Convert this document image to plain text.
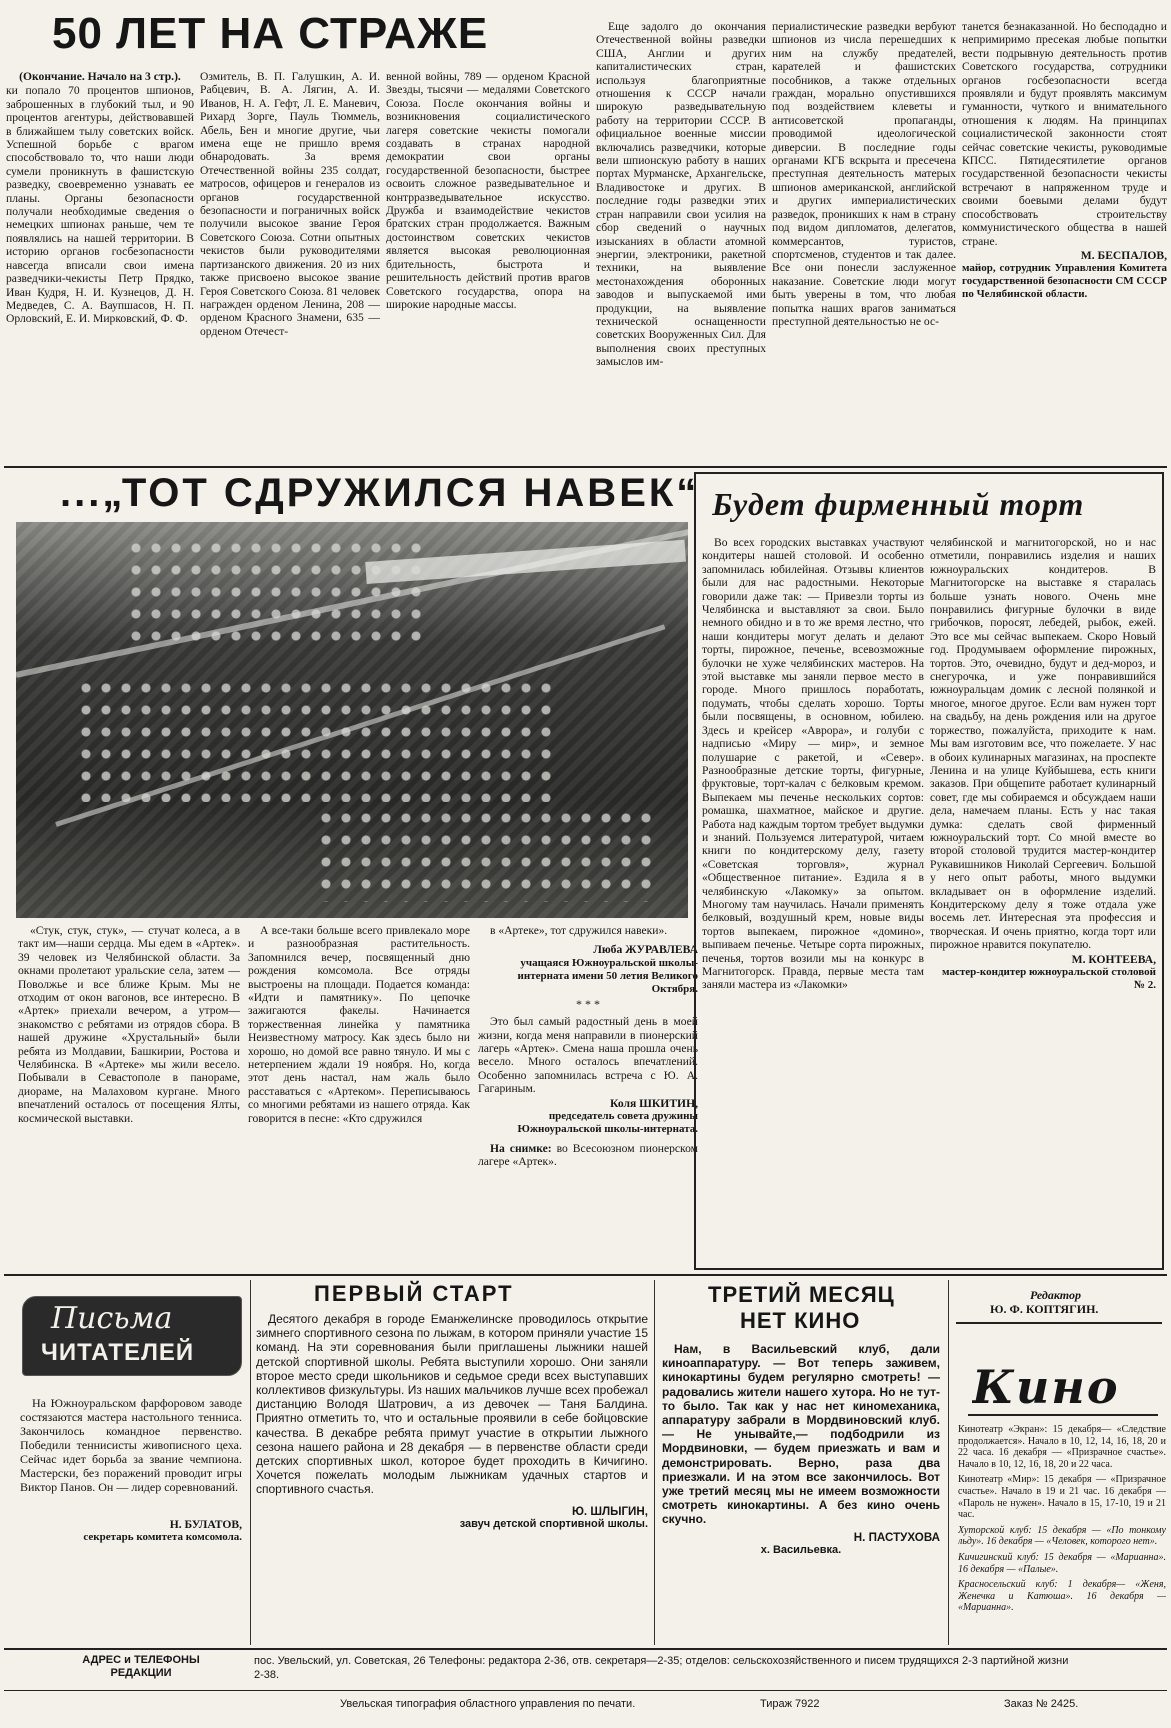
50 ЛЕТ НА СТРАЖЕ

(Окончание. Начало на 3 стр.).

ки попало 70 процентов шпионов, заброшенных в глубокий тыл, и 90 процентов агентуры, действовавшей в ближайшем тылу советских войск. Успешной борьбе с врагом способствовало то, что наши люди сумели проникнуть в фашистскую разведку, своевременно узнавать ее планы. Органы безопасности получали необходимые сведения о немецких шпионах раньше, чем те появлялись на нашей территории. В историю органов госбезопасности навсегда вписали свои имена разведчики-чекисты Петр Прядко, Иван Кудря, Н. И. Кузнецов, Д. Н. Медведев, С. А. Ваупшасов, Н. П. Орловский, Е. И. Мирковский, Ф. Ф.

Озмитель, В. П. Галушкин, А. И. Рабцевич, В. А. Лягин, А. И. Иванов, Н. А. Гефт, Л. Е. Маневич, Рихард Зорге, Пауль Тюммель, Абель, Бен и многие другие, чьи имена еще не пришло время обнародовать. За время Отечественной войны 235 солдат, матросов, офицеров и генералов из органов государственной безопасности и пограничных войск получили высокое звание Героя Советского Союза. Сотни опытных чекистов были руководителями партизанского движения. 20 из них также присвоено высокое звание Героя Советского Союза. 81 человек награжден орденом Ленина, 208 — орденом Красного Знамени, 635 — орденом Отечест-

венной войны, 789 — орденом Красной Звезды, тысячи — медалями Советского Союза. После окончания войны и возникновения социалистического лагеря советские чекисты помогали создавать в странах народной демократии свои органы государственной безопасности, быстрее освоить сложное разведывательное и контрразведывательное искусство. Дружба и взаимодействие чекистов братских стран продолжается. Важным достоинством советских чекистов является высокая революционная бдительность, быстрота и решительность действий против врагов Советского государства, опора на широкие народные массы.

Еще задолго до окончания Отечественной войны разведки США, Англии и других капиталистических стран, используя благоприятные отношения к СССР начали широкую разведывательную работу на территории СССР. В официальное военные миссии включались разведчики, которые вели шпионскую работу в наших портах Мурманске, Архангельске, Владивостоке и других. В последние годы разведки этих стран направили свои усилия на сбор сведений о научных изысканиях в области атомной энергии, электроники, ракетной техники, на выявление местонахождения оборонных заводов и выпускаемой ими продукции, на выявление технической оснащенности советских Вооруженных Сил. Для выполнения своих преступных замыслов им-

периалистические разведки вербуют шпионов из числа перешедших к ним на службу предателей, карателей и фашистских пособников, а также отдельных граждан, морально опустившихся под воздействием клеветы и антисоветской пропаганды, проводимой идеологической диверсии. В последние годы органами КГБ вскрыта и пресечена преступная деятельность матерых шпионов американской, английской и других империалистических разведок, проникших к нам в страну под видом дипломатов, делегатов, коммерсантов, туристов, спортсменов, студентов и так далее. Все они понесли заслуженное наказание. Советские люди могут быть уверены в том, что любая попытка наших врагов заниматься преступной деятельностью не ос-

танется безнаказанной. Но бесподадно и непримиримо пресекая любые попытки вести подрывную деятельность против Советского государства, сотрудники органов госбезопасности всегда проявляли и будут проявлять максимум гуманности, чуткого и внимательного отношения к людям. На принципах социалистической законности стоят сейчас советские чекисты, руководимые КПСС. Пятидесятилетие органов государственной безопасности чекисты встречают в напряженном труде и своими боевыми делами будут способствовать строительству коммунистического общества в нашей стране.

М. БЕСПАЛОВ,
майор, сотрудник Управления Комитета государственной безопасности СМ СССР по Челябинской области.
...„ТОТ СДРУЖИЛСЯ НАВЕК“

«Стук, стук, стук», — стучат колеса, а в такт им—наши сердца. Мы едем в «Артек». 39 человек из Челябинской области. За окнами пролетают уральские села, затем — Поволжье и все ближе Крым. Мы не отходим от окон вагонов, все интересно. В «Артек» приехали вечером, а утром—знакомство с ребятами из отрядов сбора. В нашей дружине «Хрустальный» были ребята из Молдавии, Башкирии, Ростова и Челябинска. В «Артеке» мы жили весело. Побывали в Севастополе в панораме, диораме, на Малаховом кургане. Много впечатлений осталось от посещения Ялты, космической выставки.

А все-таки больше всего привлекало море и разнообразная растительность. Запомнился вечер, посвященный дню рождения комсомола. Все отряды выстроены на площади. Подается команда: «Идти и памятнику». По цепочке зажигаются факелы. Начинается торжественная линейка у памятника Неизвестному матросу. Как здесь было ни хорошо, но домой все равно тянуло. И мы с нетерпением ждали 19 ноября. Но, когда этот день настал, нам жаль было расставаться с «Артеком». Переписываюсь со многими ребятами из нашего отряда. Как говорится в песне: «Кто сдружился

в «Артеке», тот сдружился навеки».

Люба ЖУРАВЛЕВА
учащаяся Южноуральской школы-интерната имени 50 летия Великого Октября.
* * *

Это был самый радостный день в моей жизни, когда меня направили в пионерский лагерь «Артек». Смена наша прошла очень весело. Много осталось впечатлений. Особенно запомнилась встреча с Ю. А. Гагариным.

Коля ШКИТИН,
председатель совета дружины Южноуральской школы-интерната.

На снимке: во Всесоюзном пионерском лагере «Артек».

Будет фирменный торт

Во всех городских выставках участвуют кондитеры нашей столовой. И особенно запомнилась юбилейная. Отзывы клиентов были для нас радостными. Некоторые говорили даже так: — Привезли торты из Челябинска и выставляют за свои. Было немного обидно и в то же время лестно, что наши кондитеры могут делать и делают торты, пирожное, печенье, всевозможные булочки не хуже челябинских мастеров. На этой выставке мы заняли первое место в городе. Много пришлось поработать, подумать, чтобы сделать хорошо. Торты были посвящены, в основном, юбилею. Здесь и крейсер «Аврора», и голуби с надписью «Миру — мир», и земное полушарие с ракетой, и «Север». Разнообразные детские торты, фигурные, фруктовые, торт-калач с белковым кремом. Выпекаем мы печенье нескольких сортов: ромашка, шахматное, майское и другие. Работа над каждым тортом требует выдумки и знаний. Пользуемся литературой, читаем книги по кондитерскому делу, газету «Советская торговля», журнал «Общественное питание». Ездила я в челябинскую «Лакомку» за опытом. Многому там научилась. Начали применять белковый, воздушный крем, новые виды тортов выпекаем, пирожное «домино», выпиваем печенье. Четыре сорта пирожных, печенья, тортов возили мы на конкурс в Магнитогорск. Правда, первые места там заняли мастера из «Лакомки»

челябинской и магнитогорской, но и нас отметили, понравились изделия и наших южноуральских кондитеров. В Магнитогорске на выставке я старалась больше узнать нового. Очень мне понравились фигурные булочки в виде грибочков, поросят, лебедей, рыбок, ежей. Это все мы сейчас выпекаем. Скоро Новый год. Продумываем оформление пирожных, тортов. Это, очевидно, будут и дед-мороз, и снегурочка, и уже понравившийся южноуральцам домик с лесной полянкой и многое, многое другое. Если вам нужен торт на свадьбу, на день рождения или на другое торжество, пожалуйста, приходите к нам. Мы вам изготовим все, что пожелаете. У нас в обоих кулинарных магазинах, на проспекте Ленина и на улице Куйбышева, есть книги заказов. При общепите работает кулинарный совет, где мы собираемся и обсуждаем наши дела, намечаем планы. Есть у нас такая думка: сделать свой фирменный южноуральский торт. Со мной вместе во второй столовой трудится мастер-кондитер Рукавишников Николай Сергеевич. Большой у него опыт работы, много выдумки вкладывает он в оформление изделий. Кондитерскому делу я тоже отдала уже восемь лет. Интересная эта профессия и творческая. И очень приятно, когда торт или пирожное нравится покупателю.

М. КОНТЕЕВА,
мастер-кондитер южноуральской столовой № 2.
Письма
ЧИТАТЕЛЕЙ

На Южноуральском фарфоровом заводе состязаются мастера настольного тенниса. Закончилось командное первенство. Победили теннисисты живописного цеха. Сейчас идет борьба за звание чемпиона. Мастерски, без поражений проводит игры Виктор Панов. Он — лидер соревнований.

Н. БУЛАТОВ,
секретарь комитета комсомола.
ПЕРВЫЙ СТАРТ

Десятого декабря в городе Еманжелинске проводилось открытие зимнего спортивного сезона по лыжам, в котором приняли участие 15 команд. На эти соревнования были приглашены лыжники нашей детской спортивной школы. Ребята выступили хорошо. Они заняли второе место среди школьников и седьмое среди всех выступавших коллективов физкультуры. Из наших мальчиков лучше всех пробежал дистанцию Володя Шатрович, а из девочек — Таня Балдина. Приятно отметить то, что и остальные проявили в себе бойцовские качества. В декабре ребята примут участие в открытии лыжного сезона нашего района и 28 декабря — в первенстве области среди детских спортивных школ, которое будет проходить в Кичигино. Хочется пожелать молодым лыжникам удачных стартов и спортивного счастья.

Ю. ШЛЫГИН,
завуч детской спортивной школы.
ТРЕТИЙ МЕСЯЦ
НЕТ КИНО

Нам, в Васильевский клуб, дали киноаппаратуру. — Вот теперь заживем, кинокартины будем регулярно смотреть! — радовались жители нашего хутора. Но не тут-то было. Так как у нас нет киномеханика, аппаратуру забрали в Мордвиновский клуб. — Не унывайте,— подбодрили из Мордвиновки, — будем приезжать и вам и демонстрировать. Верно, раза два приезжали. И на этом все закончилось. Вот уже третий месяц мы не имеем возможности смотреть кинокартины. А без кино очень скучно.

Н. ПАСТУХОВА
х. Васильевка.
Редактор
Ю. Ф. КОПТЯГИН.
Кино
Кинотеатр «Экран»: 15 декабря— «Следствие продолжается». Начало в 10, 12, 14, 16, 18, 20 и 22 часа. 16 декабря — «Призрачное счастье». Начало в 10, 12, 16, 18, 20 и 22 часа.
Кинотеатр «Мир»: 15 декабря — «Призрачное счастье». Начало в 19 и 21 час. 16 декабря — «Пароль не нужен». Начало в 15, 17-10, 19 и 21 час.
Хуторской клуб: 15 декабря — «По тонкому льду». 16 декабря — «Человек, которого нет».
Кичигинский клуб: 15 декабря — «Марианна». 16 декабря — «Палые».
Красносельский клуб: 1 декабря— «Женя, Женечка и Катюша». 16 декабря — «Марианна».
АДРЕС и ТЕЛЕФОНЫ РЕДАКЦИИ
пос. Увельский, ул. Советская, 26 Телефоны: редактора 2-36, отв. секретаря—2-35; отделов: сельскохозяйственного и писем трудящихся 2-3 партийной жизни 2-38.
Увельская типография областного управления по печати.	Тираж 7922	Заказ № 2425.
